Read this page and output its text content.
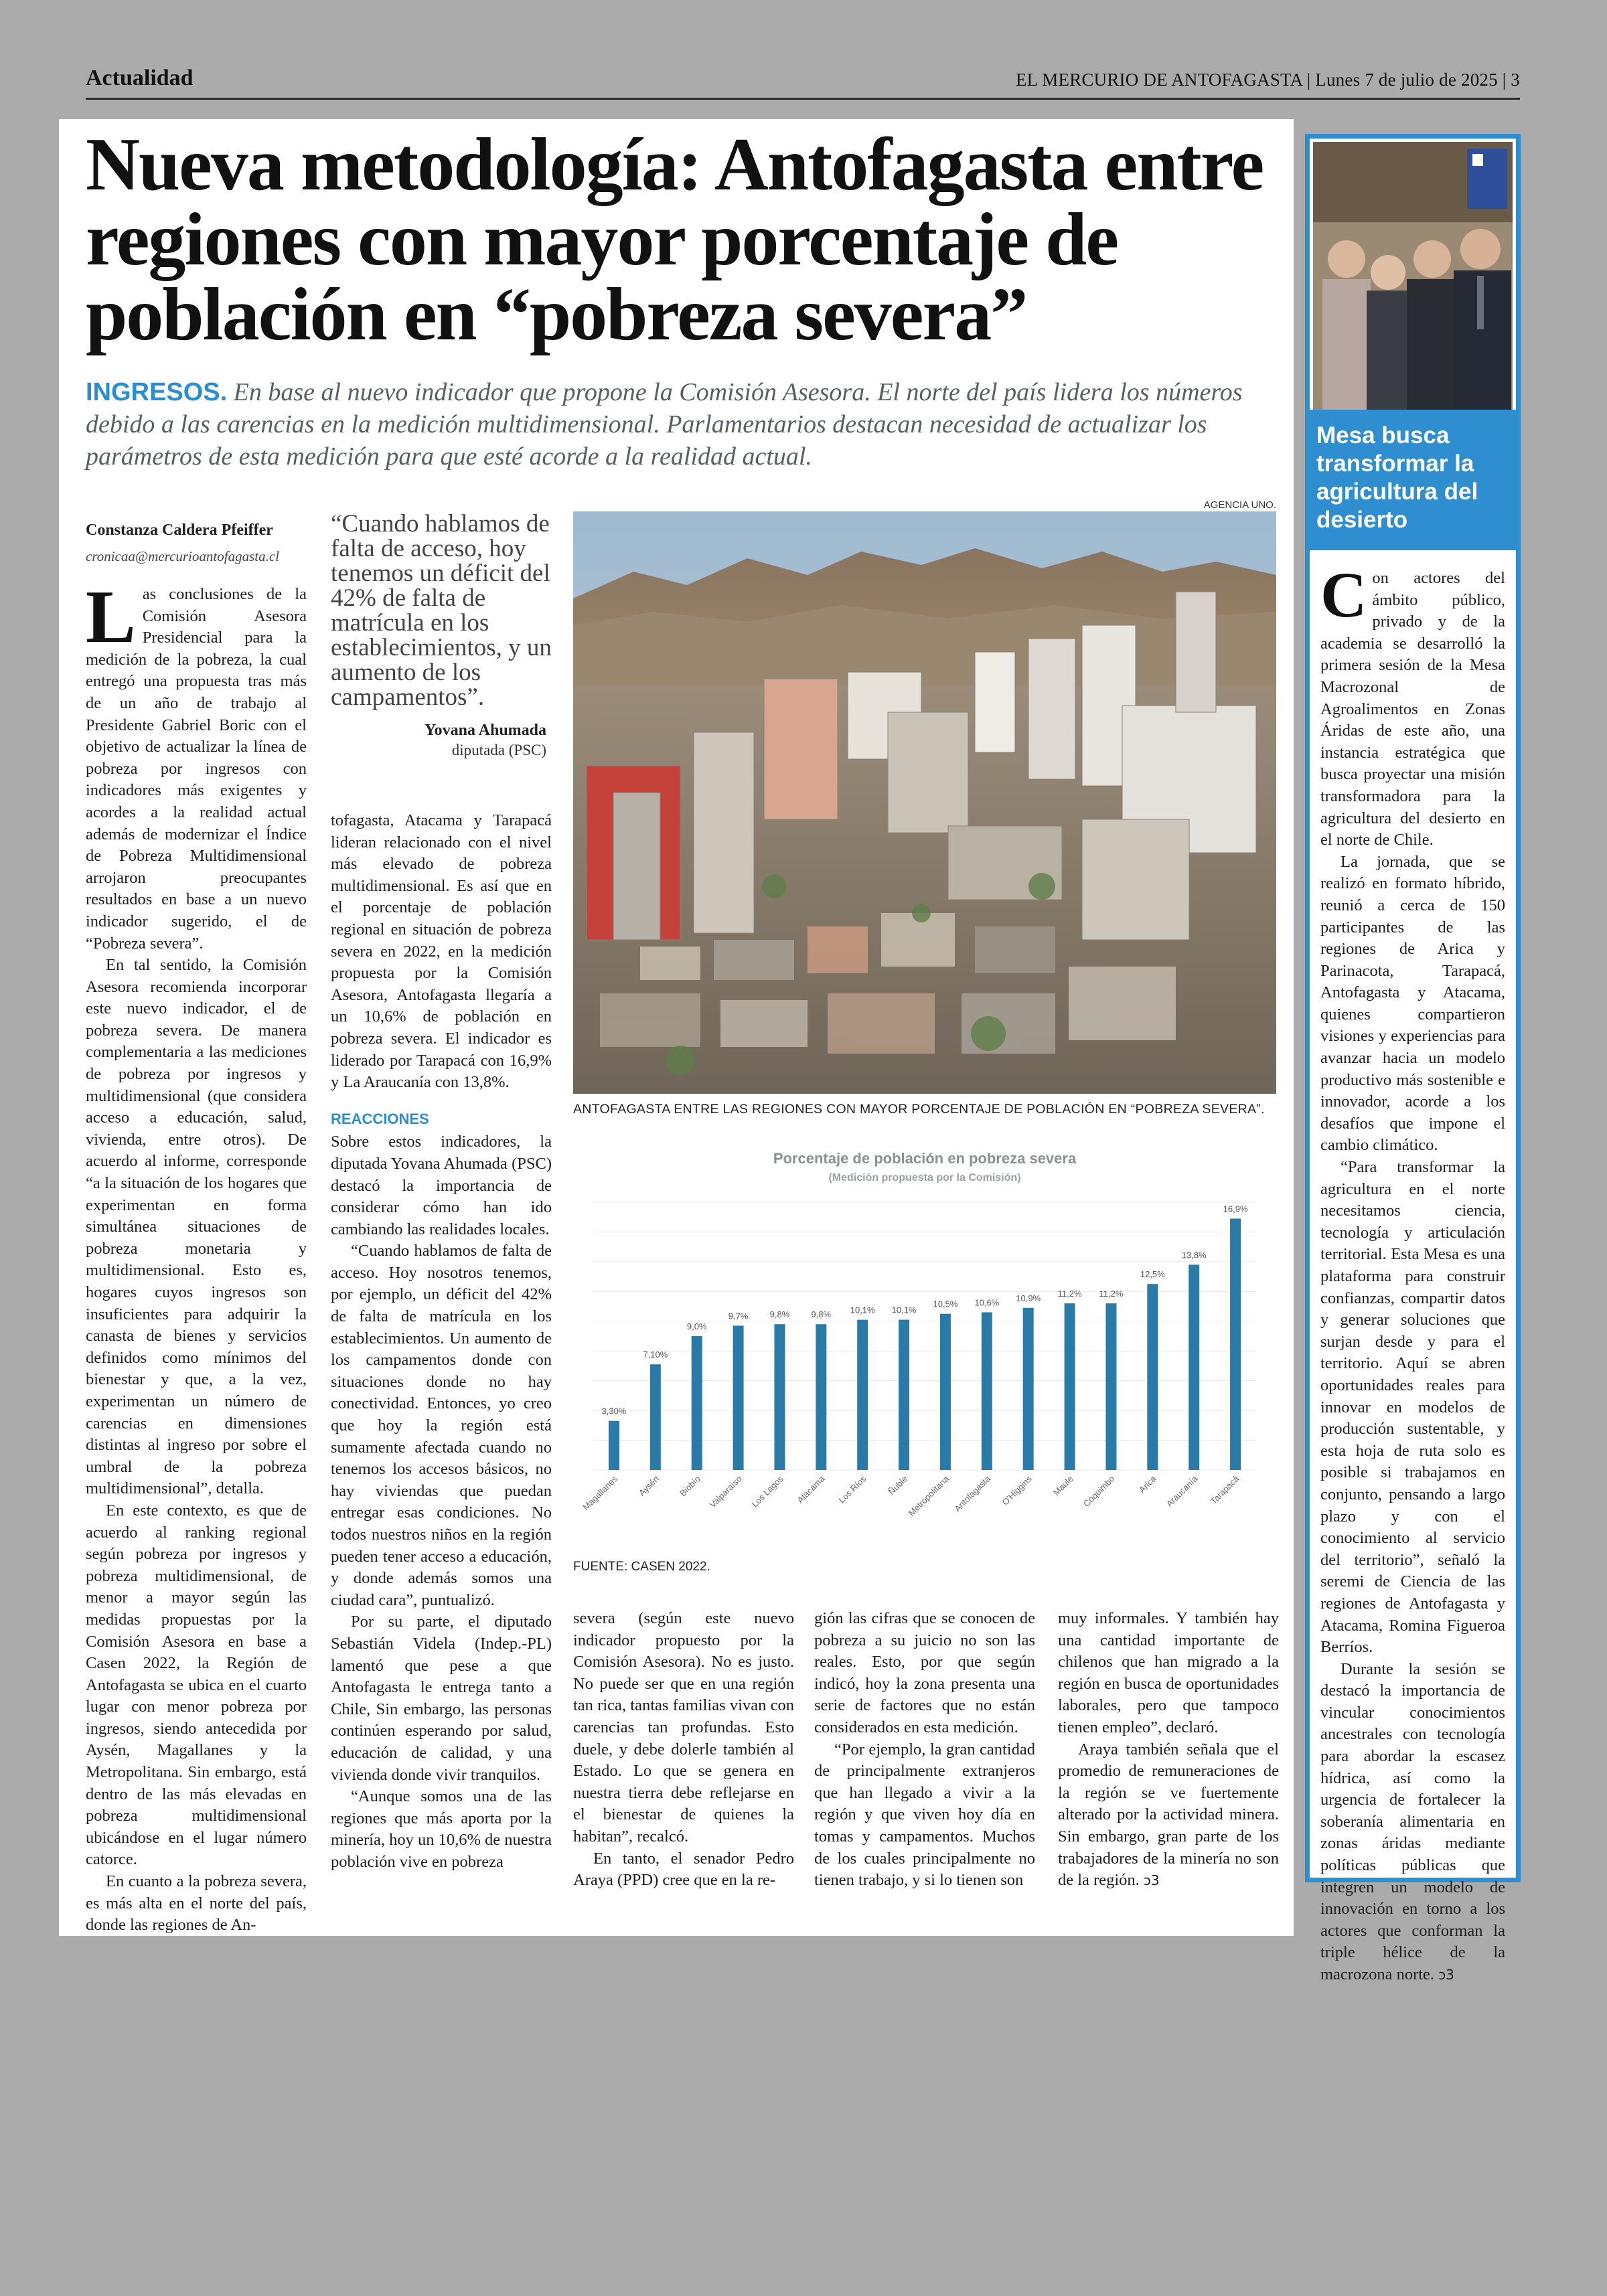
Actualidad	EL MERCURIO DE ANTOFAGASTA | Lunes 7 de julio de 2025 | 3
Nueva metodología: Antofagasta entre regiones con mayor porcentaje de población en “pobreza severa”
INGRESOS. En base al nuevo indicador que propone la Comisión Asesora. El norte del país lidera los números debido a las carencias en la medición multidimensional. Parlamentarios destacan necesidad de actualizar los parámetros de esta medición para que esté acorde a la realidad actual.
Constanza Caldera Pfeiffer
cronicaa@mercurioantofagasta.cl

Las conclusiones de la Comisión Asesora Presidencial para la medición de la pobreza, la cual entregó una propuesta tras más de un año de trabajo al Presidente Gabriel Boric con el objetivo de actualizar la línea de pobreza por ingresos con indicadores más exigentes y acordes a la realidad actual además de modernizar el Índice de Pobreza Multidimensional arrojaron preocupantes resultados en base a un nuevo indicador sugerido, el de “Pobreza severa”.

En tal sentido, la Comisión Asesora recomienda incorporar este nuevo indicador, el de pobreza severa. De manera complementaria a las mediciones de pobreza por ingresos y multidimensional (que considera acceso a educación, salud, vivienda, entre otros). De acuerdo al informe, corresponde “a la situación de los hogares que experimentan en forma simultánea situaciones de pobreza monetaria y multidimensional. Esto es, hogares cuyos ingresos son insuficientes para adquirir la canasta de bienes y servicios definidos como mínimos del bienestar y que, a la vez, experimentan un número de carencias en dimensiones distintas al ingreso por sobre el umbral de la pobreza multidimensional”, detalla.

En este contexto, es que de acuerdo al ranking regional según pobreza por ingresos y pobreza multidimensional, de menor a mayor según las medidas propuestas por la Comisión Asesora en base a Casen 2022, la Región de Antofagasta se ubica en el cuarto lugar con menor pobreza por ingresos, siendo antecedida por Aysén, Magallanes y la Metropolitana. Sin embargo, está dentro de las más elevadas en pobreza multidimensional ubicándose en el lugar número catorce.

En cuanto a la pobreza severa, es más alta en el norte del país, donde las regiones de An-

“Cuando hablamos de falta de acceso, hoy tenemos un déficit del 42% de falta de matrícula en los establecimientos, y un aumento de los campamentos”.
Yovana Ahumada
diputada (PSC)

tofagasta, Atacama y Tarapacá lideran relacionado con el nivel más elevado de pobreza multidimensional. Es así que en el porcentaje de población regional en situación de pobreza severa en 2022, en la medición propuesta por la Comisión Asesora, Antofagasta llegaría a un 10,6% de población en pobreza severa. El indicador es liderado por Tarapacá con 16,9% y La Araucanía con 13,8%.

REACCIONES

Sobre estos indicadores, la diputada Yovana Ahumada (PSC) destacó la importancia de considerar cómo han ido cambiando las realidades locales.

“Cuando hablamos de falta de acceso. Hoy nosotros tenemos, por ejemplo, un déficit del 42% de falta de matrícula en los establecimientos. Un aumento de los campamentos donde con situaciones donde no hay conectividad. Entonces, yo creo que hoy la región está sumamente afectada cuando no tenemos los accesos básicos, no hay viviendas que puedan entregar esas condiciones. No todos nuestros niños en la región pueden tener acceso a educación, y donde además somos una ciudad cara”, puntualizó.

Por su parte, el diputado Sebastián Videla (Indep.-PL) lamentó que pese a que Antofagasta le entrega tanto a Chile, Sin embargo, las personas continúen esperando por salud, educación de calidad, y una vivienda donde vivir tranquilos.

“Aunque somos una de las regiones que más aporta por la minería, hoy un 10,6% de nuestra población vive en pobreza

AGENCIA UNO.
ANTOFAGASTA ENTRE LAS REGIONES CON MAYOR PORCENTAJE DE POBLACIÓN EN “POBREZA SEVERA”.
Porcentaje de población en pobreza severa
(Medición propuesta por la Comisión)
3,30%
7,10%
9,0%
9,7% 9,8% 9,8% 10,1% 10,1%
10,5% 10,6% 10,9% 11,2% 11,2%
12,5%
13,8%
16,9%
Magallanes Aysén Biobío Valparaíso Los Lagos Atacama Los Ríos Ñuble
Metropolitana Antofagasta O'Higgins Maule Coquimbo Arica Araucanía Tarapacá
FUENTE: CASEN 2022.

severa (según este nuevo indicador propuesto por la Comisión Asesora). No es justo. No puede ser que en una región tan rica, tantas familias vivan con carencias tan profundas. Esto duele, y debe dolerle también al Estado. Lo que se genera en nuestra tierra debe reflejarse en el bienestar de quienes la habitan”, recalcó.

En tanto, el senador Pedro Araya (PPD) cree que en la re-

gión las cifras que se conocen de pobreza a su juicio no son las reales. Esto, por que según indicó, hoy la zona presenta una serie de factores que no están considerados en esta medición.

“Por ejemplo, la gran cantidad de principalmente extranjeros que han llegado a vivir a la región y que viven hoy día en tomas y campamentos. Muchos de los cuales principalmente no tienen trabajo, y si lo tienen son

muy informales. Y también hay una cantidad importante de chilenos que han migrado a la región en busca de oportunidades laborales, pero que tampoco tienen empleo”, declaró.

Araya también señala que el promedio de remuneraciones de la región se ve fuertemente alterado por la actividad minera. Sin embargo, gran parte de los trabajadores de la minería no son de la región. ↄ3

Mesa busca transformar la agricultura del desierto

Con actores del ámbito público, privado y de la academia se desarrolló la primera sesión de la Mesa Macrozonal de Agroalimentos en Zonas Áridas de este año, una instancia estratégica que busca proyectar una misión transformadora para la agricultura del desierto en el norte de Chile.

La jornada, que se realizó en formato híbrido, reunió a cerca de 150 participantes de las regiones de Arica y Parinacota, Tarapacá, Antofagasta y Atacama, quienes compartieron visiones y experiencias para avanzar hacia un modelo productivo más sostenible e innovador, acorde a los desafíos que impone el cambio climático.

“Para transformar la agricultura en el norte necesitamos ciencia, tecnología y articulación territorial. Esta Mesa es una plataforma para construir confianzas, compartir datos y generar soluciones que surjan desde y para el territorio. Aquí se abren oportunidades reales para innovar en modelos de producción sustentable, y esta hoja de ruta solo es posible si trabajamos en conjunto, pensando a largo plazo y con el conocimiento al servicio del territorio”, señaló la seremi de Ciencia de las regiones de Antofagasta y Atacama, Romina Figueroa Berríos.

Durante la sesión se destacó la importancia de vincular conocimientos ancestrales con tecnología para abordar la escasez hídrica, así como la urgencia de fortalecer la soberanía alimentaria en zonas áridas mediante políticas públicas que integren un modelo de innovación en torno a los actores que conforman la triple hélice de la macrozona norte. ↄ3
